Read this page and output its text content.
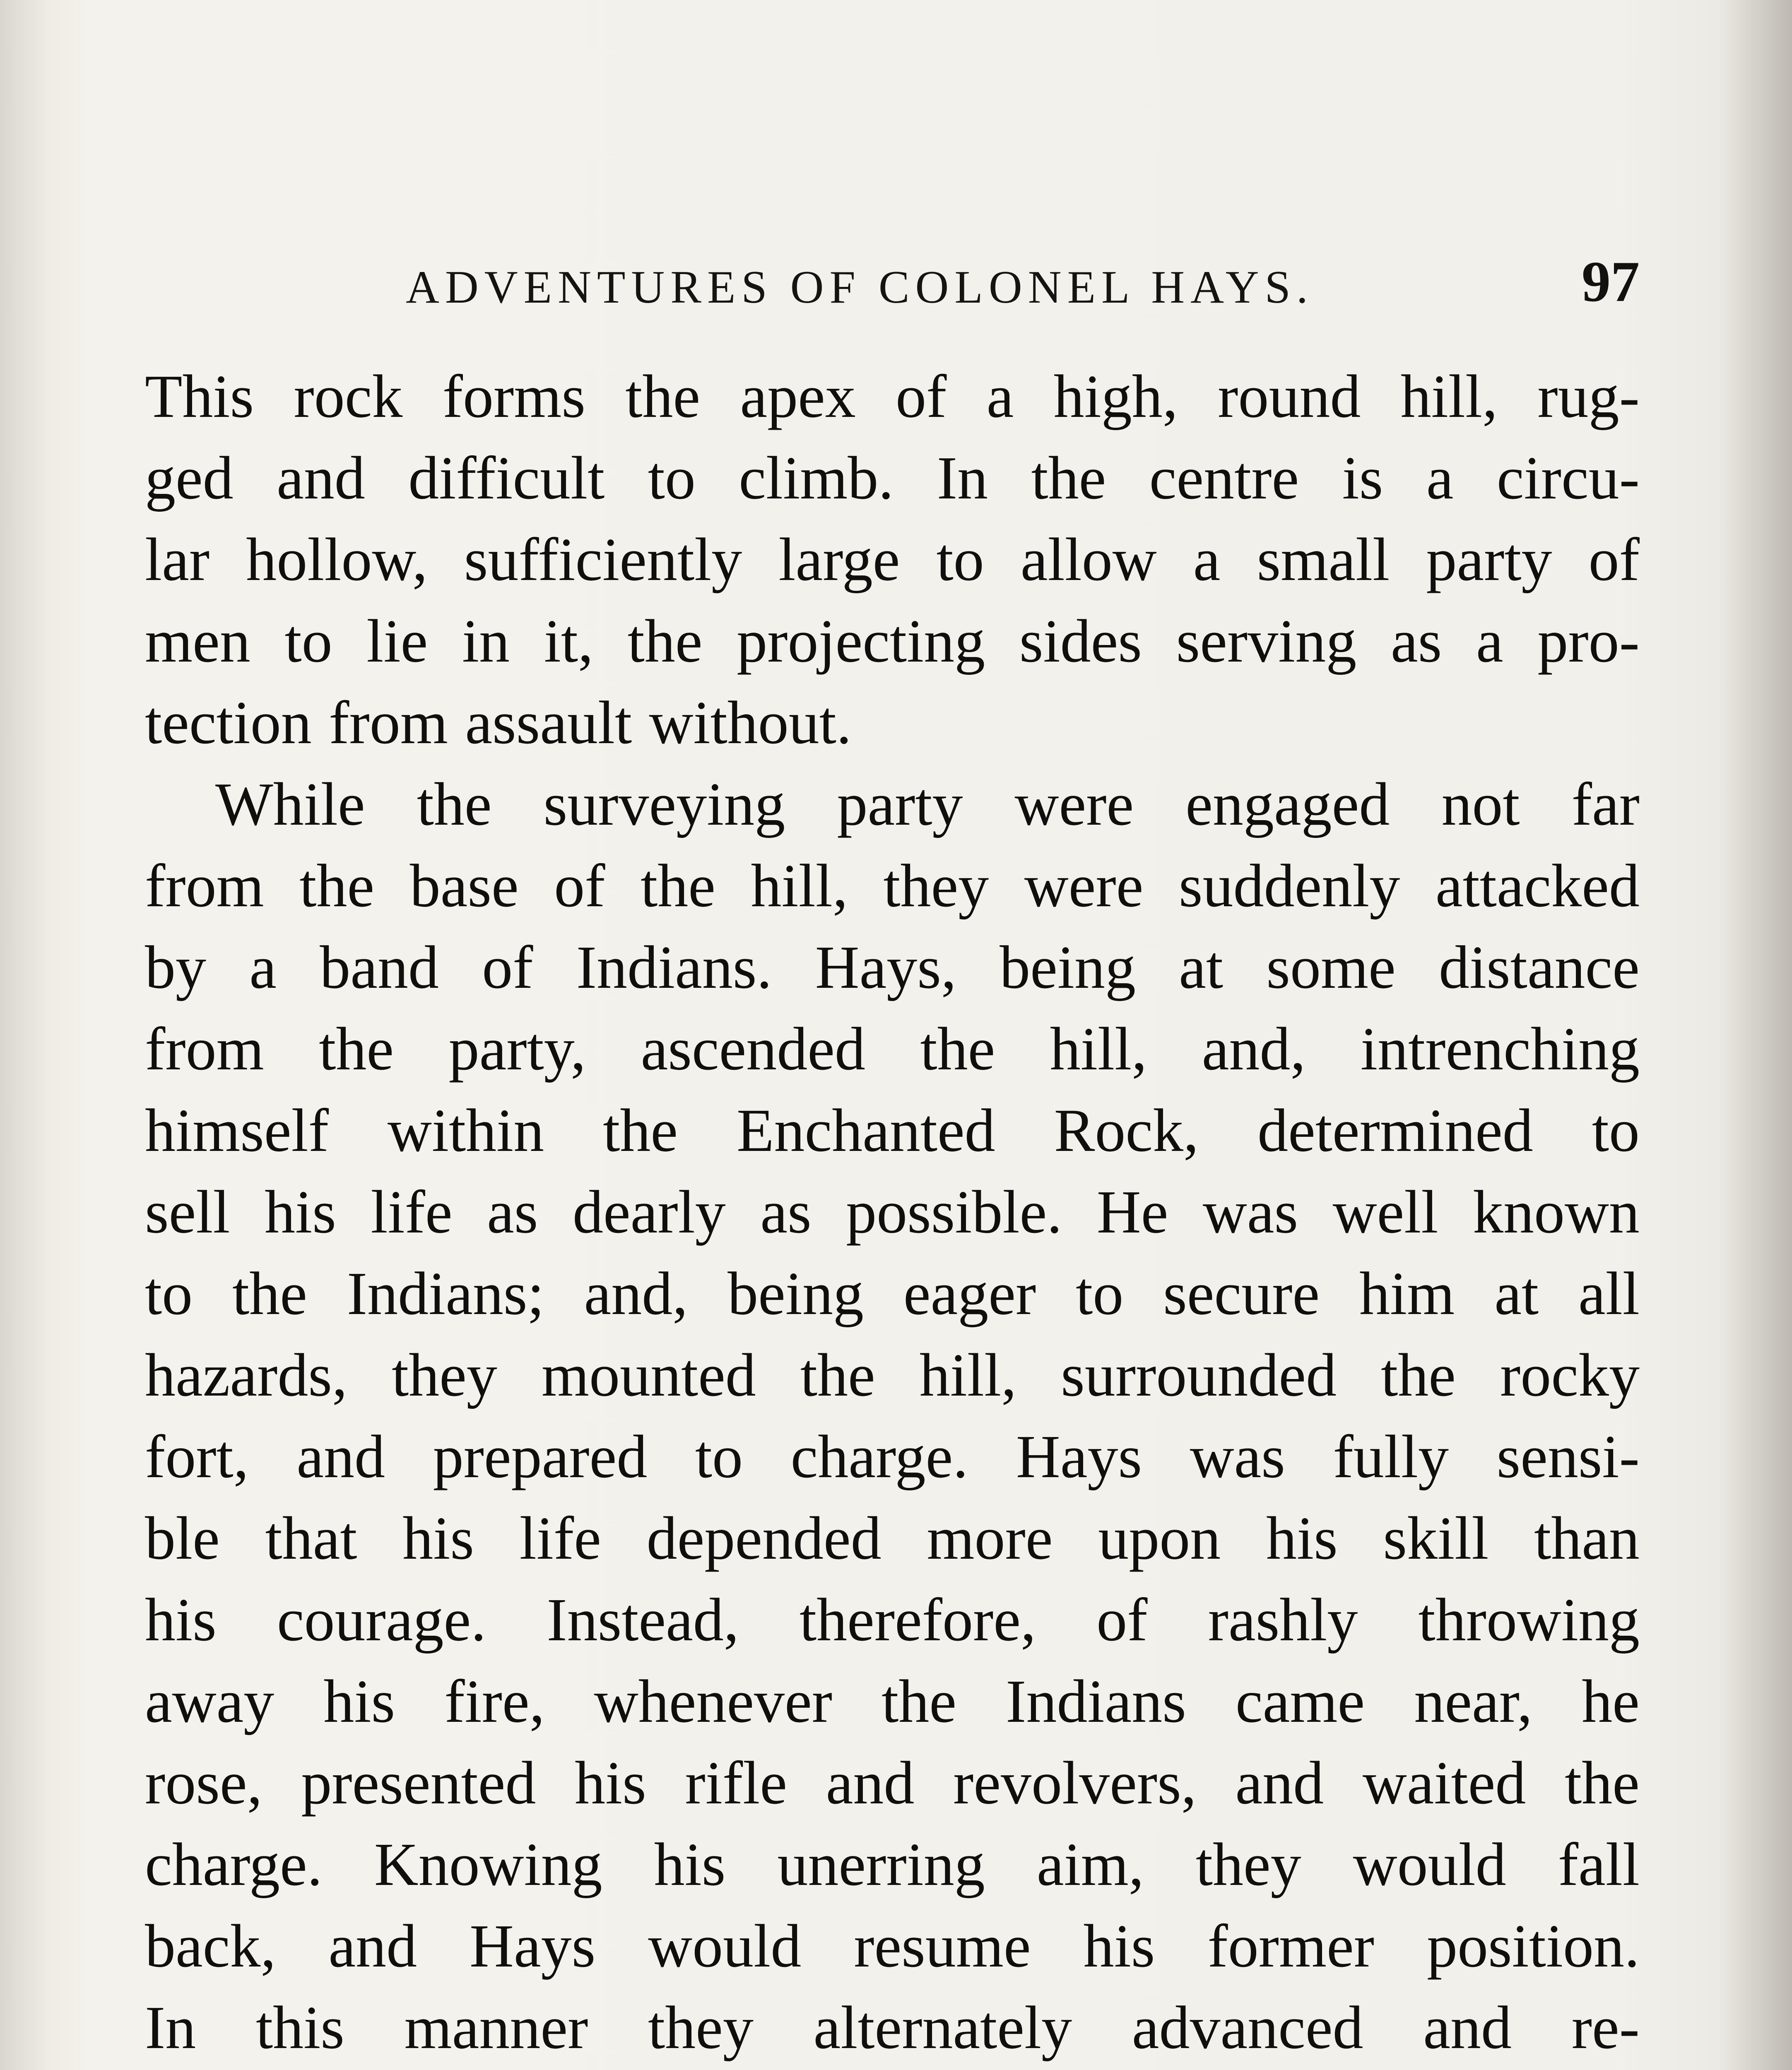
ADVENTURES OF COLONEL HAYS.	97
This rock forms the apex of a high, round hill, rug-
ged and difficult to climb. In the centre is a circu-
lar hollow, sufficiently large to allow a small party of
men to lie in it, the projecting sides serving as a pro-
tection from assault without.
While the surveying party were engaged not far
from the base of the hill, they were suddenly attacked
by a band of Indians. Hays, being at some distance
from the party, ascended the hill, and, intrenching
himself within the Enchanted Rock, determined to
sell his life as dearly as possible. He was well known
to the Indians; and, being eager to secure him at all
hazards, they mounted the hill, surrounded the rocky
fort, and prepared to charge. Hays was fully sensi-
ble that his life depended more upon his skill than
his courage. Instead, therefore, of rashly throwing
away his fire, whenever the Indians came near, he
rose, presented his rifle and revolvers, and waited the
charge. Knowing his unerring aim, they would fall
back, and Hays would resume his former position.
In this manner they alternately advanced and re-
